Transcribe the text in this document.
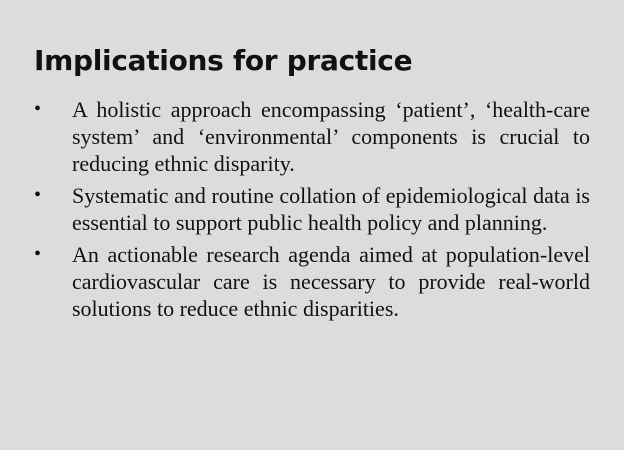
Implications for practice
• A holistic approach encompassing ‘patient’, ‘health-care system’ and ‘environmental’ components is crucial to reducing ethnic disparity.
• Systematic and routine collation of epidemiological data is essential to support public health policy and planning.
• An actionable research agenda aimed at population-level cardiovascular care is necessary to provide real-world solutions to reduce ethnic disparities.
